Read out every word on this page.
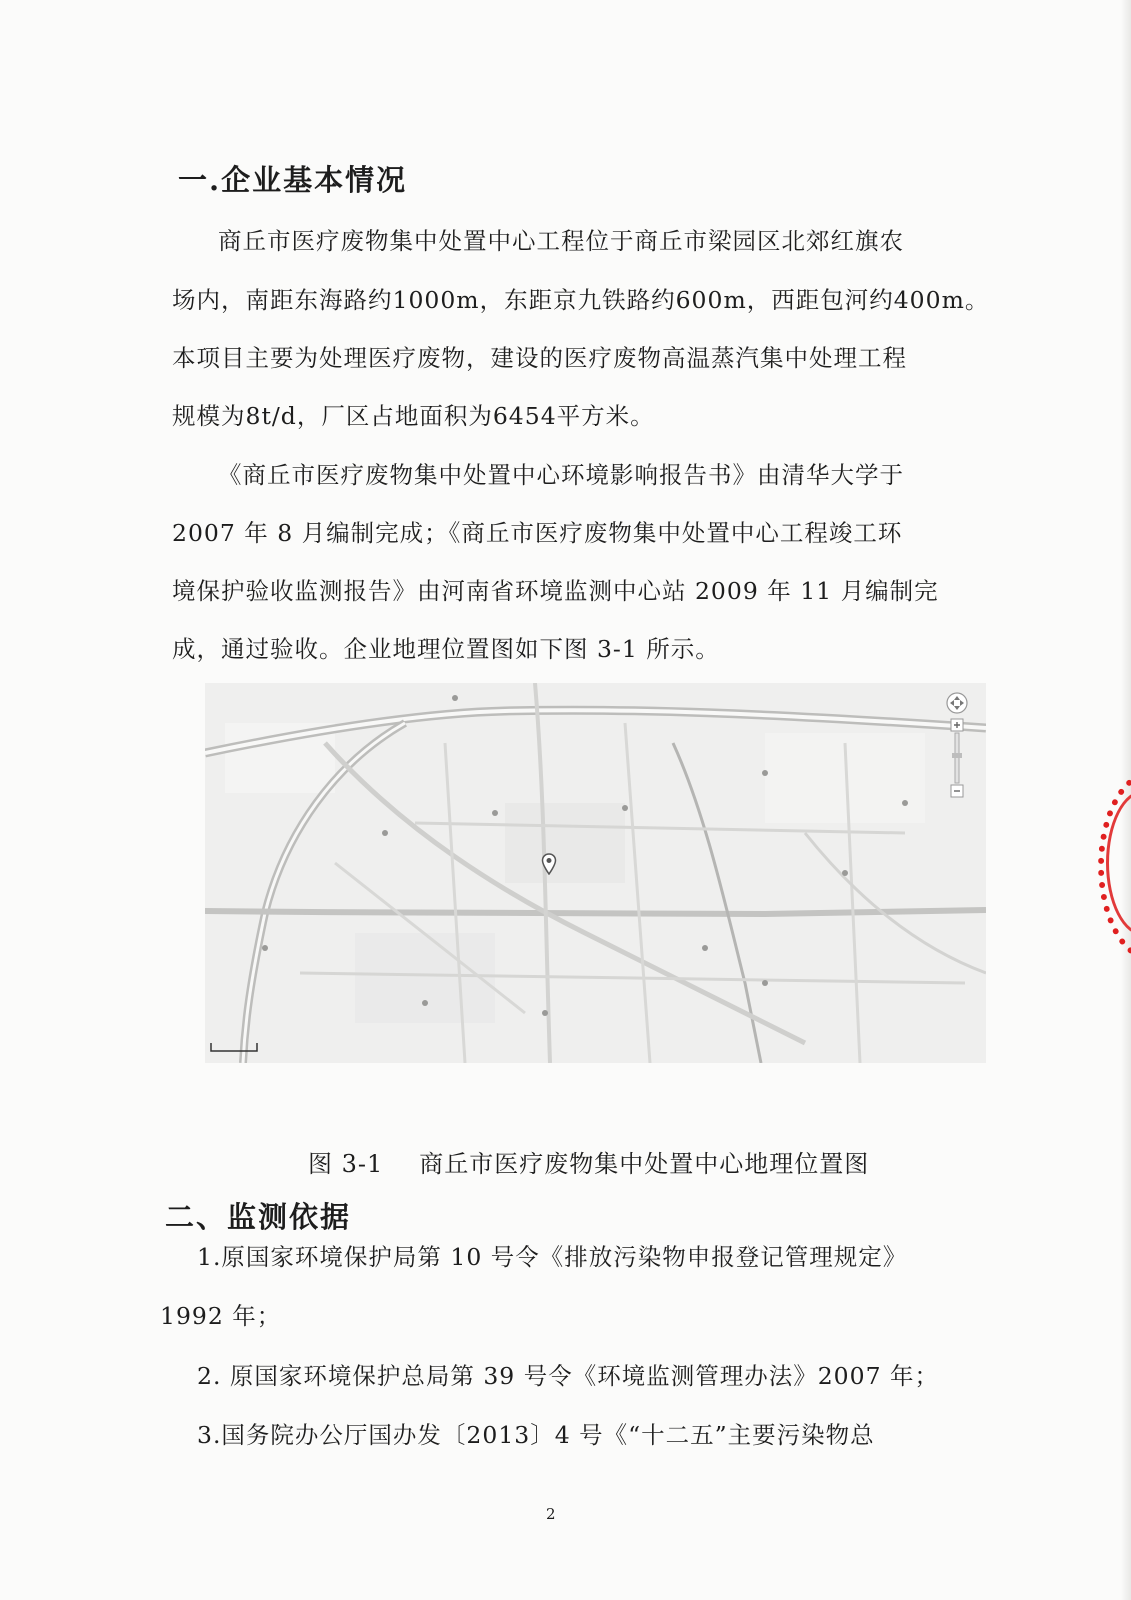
一.企业基本情况
商丘市医疗废物集中处置中心工程位于商丘市梁园区北郊红旗农
场内，南距东海路约1000m，东距京九铁路约600m，西距包河约400m。
本项目主要为处理医疗废物，建设的医疗废物高温蒸汽集中处理工程
规模为8t/d，厂区占地面积为6454平方米。
《商丘市医疗废物集中处置中心环境影响报告书》由清华大学于
2007 年 8 月编制完成；《商丘市医疗废物集中处置中心工程竣工环
境保护验收监测报告》由河南省环境监测中心站 2009 年 11 月编制完
成，通过验收。企业地理位置图如下图 3-1 所示。
图 3-1 商丘市医疗废物集中处置中心地理位置图
二、监测依据
1.原国家环境保护局第 10 号令《排放污染物申报登记管理规定》
1992 年；
2. 原国家环境保护总局第 39 号令《环境监测管理办法》2007 年；
3.国务院办公厅国办发〔2013〕4 号《“十二五”主要污染物总
2
